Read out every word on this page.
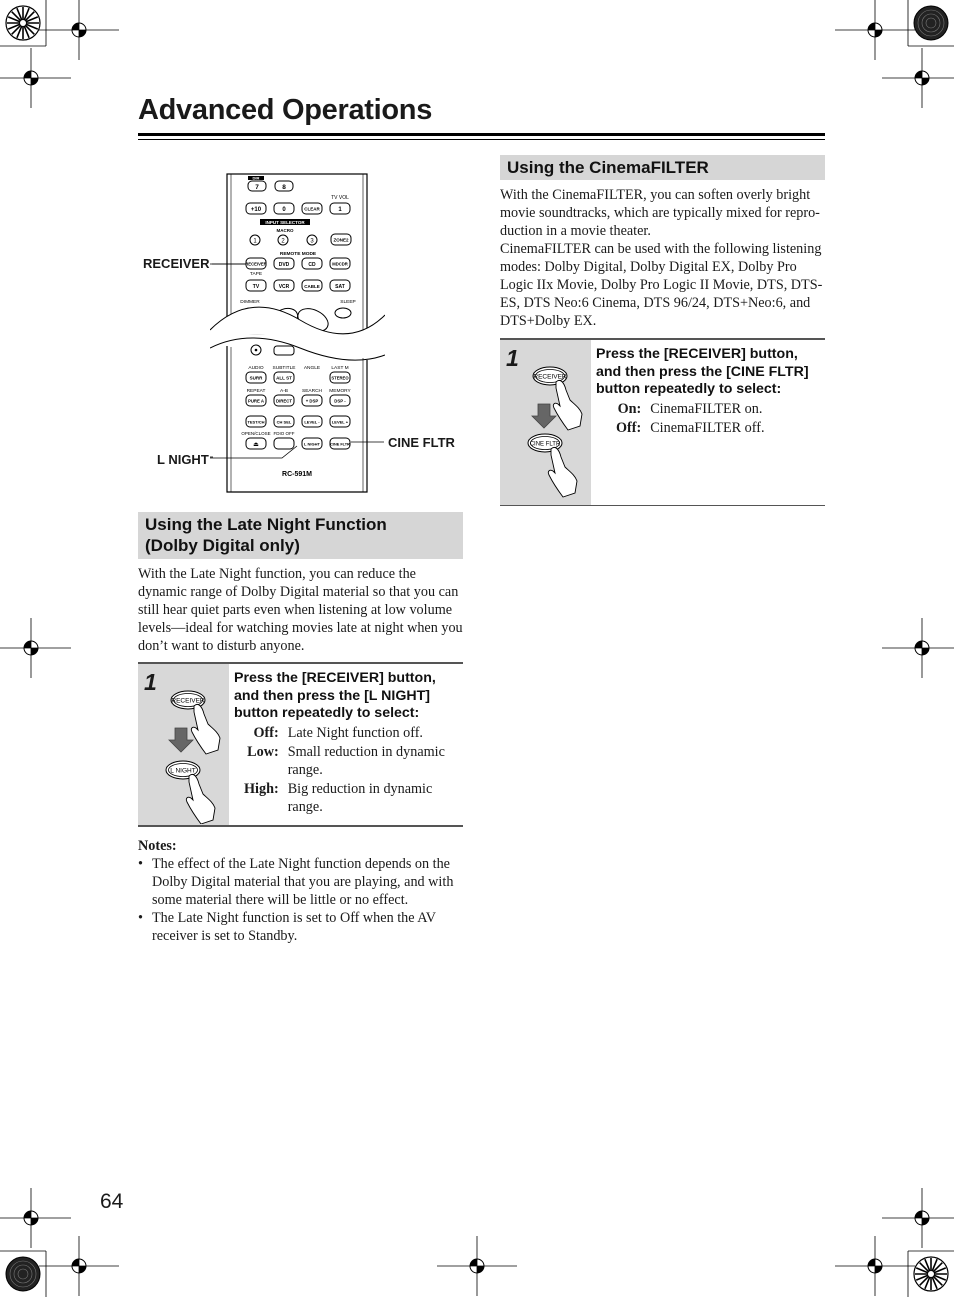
Advanced Operations
DIR
7	8
TV VOL
+10	0	CLEAR	1
INPUT SELECTOR
MACRO
1	2	3	ZONE2
REMOTE MODE
RECEIVER DVD	CD	MDCDR
TAPE
TV	VCR	CABLE	SAT
DIMMER	SLEEP
AUDIO SUBTITLE ANGLE LAST M
SURR	ALL ST	STEREO
REPEAT	A-B	SEARCH MEMORY
PURE A	DIRECT	+ DSP	DSP -
TEST/CH	CH SEL	LEVEL -	LEVEL +
OPEN/CLOSE FDIO OFF
⏏	L NIGHT	CINE FLTR
RC-591M
RECEIVER
L NIGHT
CINE FLTR
Using the Late Night Function
(Dolby Digital only)
With the Late Night function, you can reduce the
dynamic range of Dolby Digital material so that you can
still hear quiet parts even when listening at low volume
levels—ideal for watching movies late at night when you
don’t want to disturb anyone.
1
RECEIVER
L NIGHT
Press the [RECEIVER] button,
and then press the [L NIGHT]
button repeatedly to select:
Off:	Late Night function off.

Low:	Small reduction in dynamic
range.

High:	Big reduction in dynamic
range.
Notes:
• The effect of the Late Night function depends on the
Dolby Digital material that you are playing, and with
some material there will be little or no effect.
• The Late Night function is set to Off when the AV
receiver is set to Standby.
Using the CinemaFILTER
With the CinemaFILTER, you can soften overly bright
movie soundtracks, which are typically mixed for repro-
duction in a movie theater.
CinemaFILTER can be used with the following listening
modes: Dolby Digital, Dolby Digital EX, Dolby Pro
Logic IIx Movie, Dolby Pro Logic II Movie, DTS, DTS-
ES, DTS Neo:6 Cinema, DTS 96/24, DTS+Neo:6, and
DTS+Dolby EX.
1
RECEIVER
CINE FLTR
Press the [RECEIVER] button,
and then press the [CINE FLTR]
button repeatedly to select:
On:	CinemaFILTER on.

Off:	CinemaFILTER off.
64
